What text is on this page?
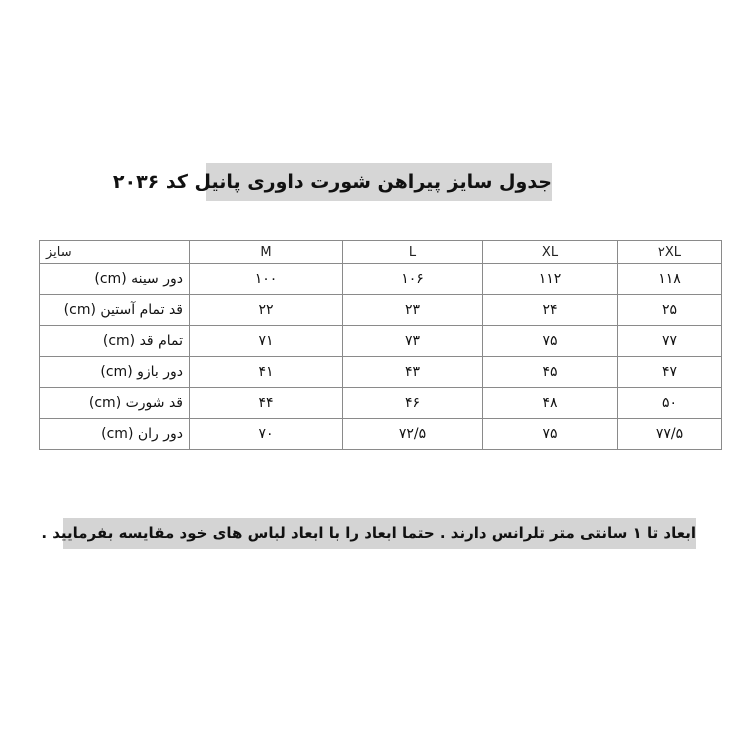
جدول سایز پیراهن شورت داوری پانیل کد ۲۰۳۶
۲XL	XL	L	M	سایز
۱۱۸	۱۱۲	۱۰۶	۱۰۰	دور سینه (cm)
۲۵	۲۴	۲۳	۲۲	قد تمام آستین (cm)
۷۷	۷۵	۷۳	۷۱	تمام قد (cm)
۴۷	۴۵	۴۳	۴۱	دور بازو (cm)
۵۰	۴۸	۴۶	۴۴	قد شورت (cm)
۷۷/۵	۷۵	۷۲/۵	۷۰	دور ران (cm)
ابعاد تا ۱ سانتی متر تلرانس دارند . حتما ابعاد را با ابعاد لباس های خود مقایسه بفرمایید .
